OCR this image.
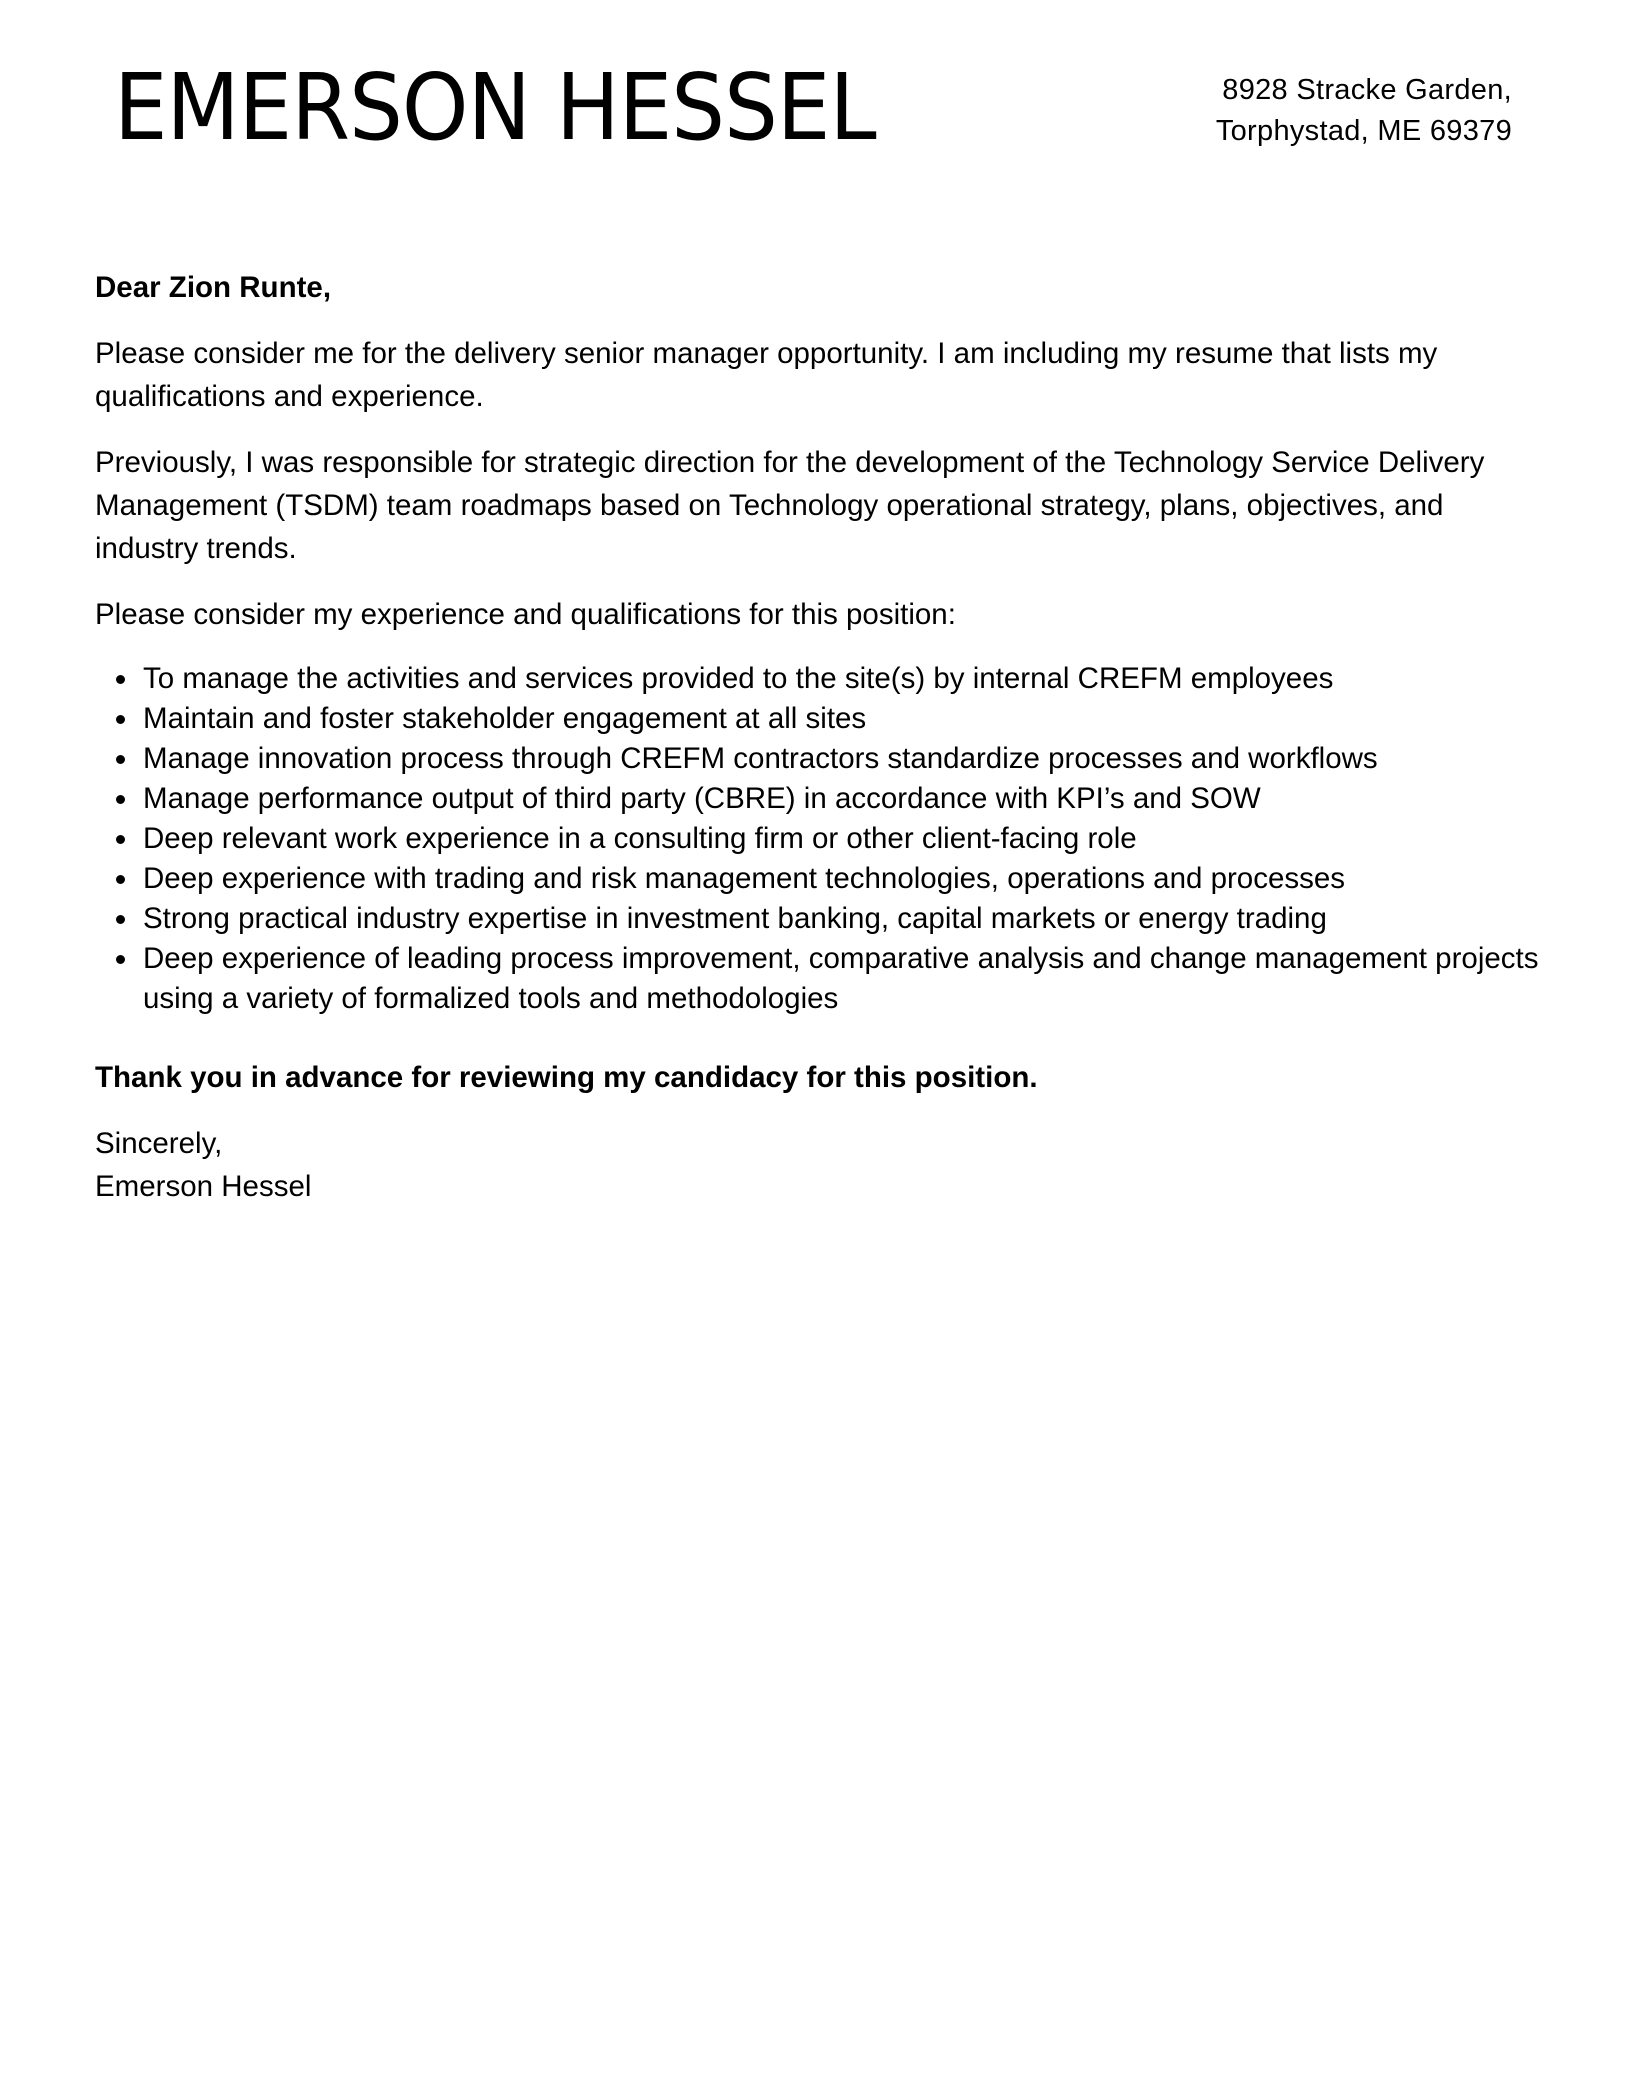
EMERSON HESSEL	8928 Stracke Garden,
Torphystad, ME 69379

Dear Zion Runte,

Please consider me for the delivery senior manager opportunity. I am including my resume that lists my qualifications and experience.

Previously, I was responsible for strategic direction for the development of the Technology Service Delivery Management (TSDM) team roadmaps based on Technology operational strategy, plans, objectives, and industry trends.

Please consider my experience and qualifications for this position:

To manage the activities and services provided to the site(s) by internal CREFM employees
Maintain and foster stakeholder engagement at all sites
Manage innovation process through CREFM contractors standardize processes and workflows
Manage performance output of third party (CBRE) in accordance with KPI’s and SOW
Deep relevant work experience in a consulting firm or other client-facing role
Deep experience with trading and risk management technologies, operations and processes
Strong practical industry expertise in investment banking, capital markets or energy trading
Deep experience of leading process improvement, comparative analysis and change management projects using a variety of formalized tools and methodologies

Thank you in advance for reviewing my candidacy for this position.

Sincerely,

Emerson Hessel
